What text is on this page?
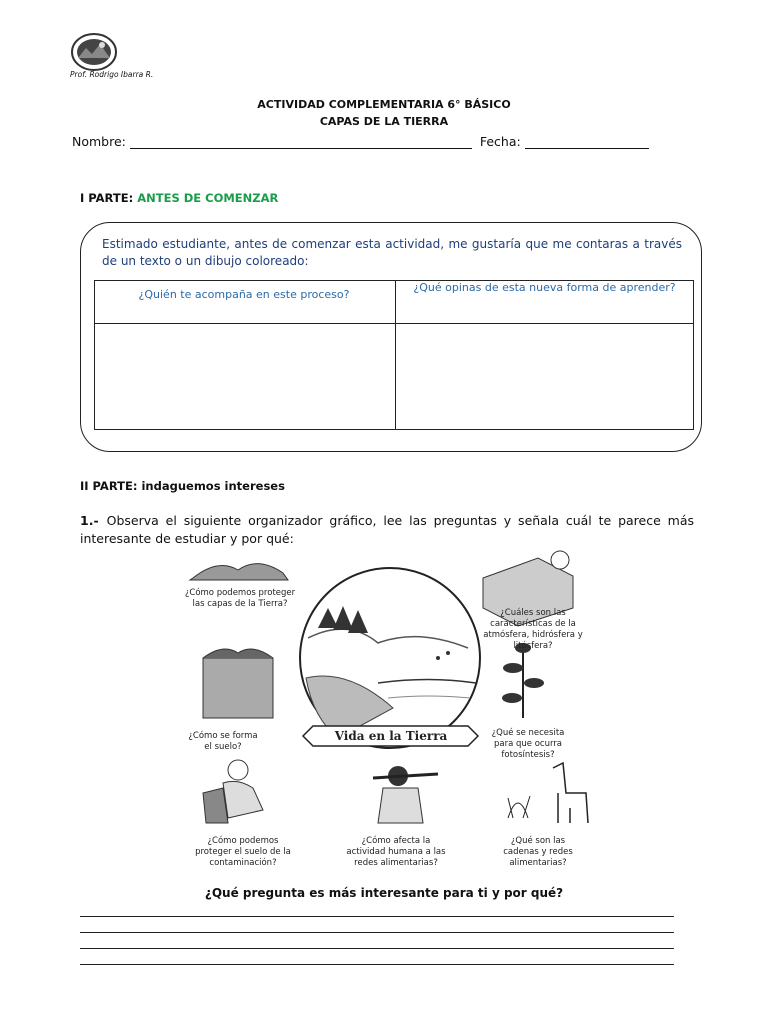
Prof. Rodrigo Ibarra R.
ACTIVIDAD COMPLEMENTARIA 6° BÁSICO
CAPAS DE LA TIERRA
Nombre:	Fecha:
I PARTE: ANTES DE COMENZAR
Estimado estudiante, antes de comenzar esta actividad, me gustaría que me contaras a través de un texto o un dibujo coloreado:
¿Quién te acompaña en este proceso?
¿Qué opinas de esta nueva forma de aprender?
II PARTE: indaguemos intereses
1.- Observa el siguiente organizador gráfico, lee las preguntas y señala cuál te parece más interesante de estudiar y por qué:
Vida en la Tierra
¿Cómo podemos proteger las capas de la Tierra?
¿Cuáles son las características de la atmósfera, hidrósfera y litósfera?
¿Cómo se forma el suelo?
¿Qué se necesita para que ocurra fotosíntesis?
¿Cómo podemos proteger el suelo de la contaminación?
¿Cómo afecta la actividad humana a las redes alimentarias?
¿Qué son las cadenas y redes alimentarias?
¿Qué pregunta es más interesante para ti y por qué?
